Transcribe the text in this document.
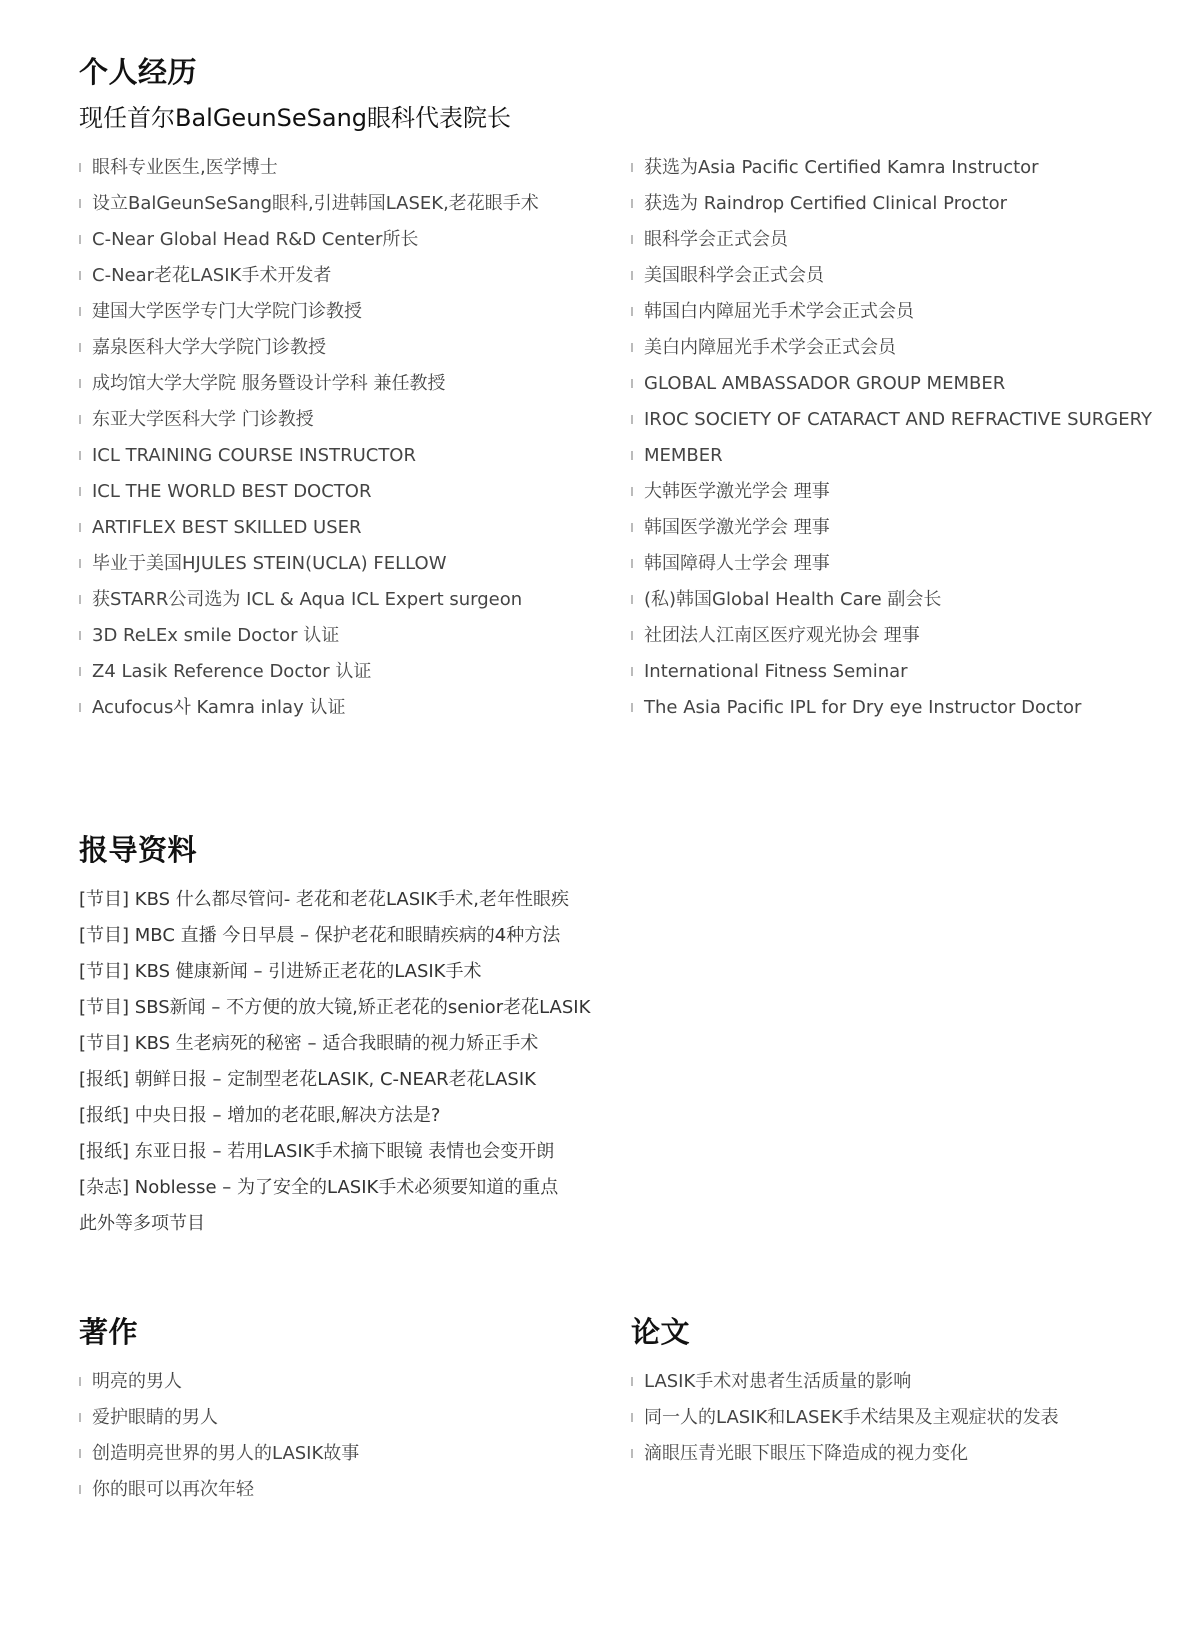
个人经历

现任首尔BalGeunSeSang眼科代表院长

眼科专业医生,医学博士
设立BalGeunSeSang眼科,引进韩国LASEK,老花眼手术
C-Near Global Head R&D Center所长
C-Near老花LASIK手术开发者
建国大学医学专门大学院门诊教授
嘉泉医科大学大学院门诊教授
成均馆大学大学院 服务暨设计学科 兼任教授
东亚大学医科大学 门诊教授
ICL TRAINING COURSE INSTRUCTOR
ICL THE WORLD BEST DOCTOR
ARTIFLEX BEST SKILLED USER
毕业于美国HJULES STEIN(UCLA) FELLOW
获STARR公司选为 ICL & Aqua ICL Expert surgeon
3D ReLEx smile Doctor 认证
Z4 Lasik Reference Doctor 认证
Acufocus사 Kamra inlay 认证
获选为Asia Pacific Certified Kamra Instructor
获选为 Raindrop Certified Clinical Proctor
眼科学会正式会员
美国眼科学会正式会员
韩国白内障屈光手术学会正式会员
美白内障屈光手术学会正式会员
GLOBAL AMBASSADOR GROUP MEMBER
IROC SOCIETY OF CATARACT AND REFRACTIVE SURGERY
MEMBER
大韩医学激光学会 理事
韩国医学激光学会 理事
韩国障碍人士学会 理事
(私)韩国Global Health Care 副会长
社团法人江南区医疗观光协会 理事
International Fitness Seminar
The Asia Pacific IPL for Dry eye Instructor Doctor
报导资料
[节目] KBS 什么都尽管问- 老花和老花LASIK手术,老年性眼疾
[节目] MBC 直播 今日早晨 – 保护老花和眼睛疾病的4种方法
[节目] KBS 健康新闻 – 引进矫正老花的LASIK手术
[节目] SBS新闻 – 不方便的放大镜,矫正老花的senior老花LASIK
[节目] KBS 生老病死的秘密 – 适合我眼睛的视力矫正手术
[报纸] 朝鲜日报 – 定制型老花LASIK, C-NEAR老花LASIK
[报纸] 中央日报 – 增加的老花眼,解决方法是?
[报纸] 东亚日报 – 若用LASIK手术摘下眼镜 表情也会变开朗
[杂志] Noblesse – 为了安全的LASIK手术必须要知道的重点
此外等多项节目
著作
明亮的男人
爱护眼睛的男人
创造明亮世界的男人的LASIK故事
你的眼可以再次年轻
论文
LASIK手术对患者生活质量的影响
同一人的LASIK和LASEK手术结果及主观症状的发表
滴眼压青光眼下眼压下降造成的视力变化
